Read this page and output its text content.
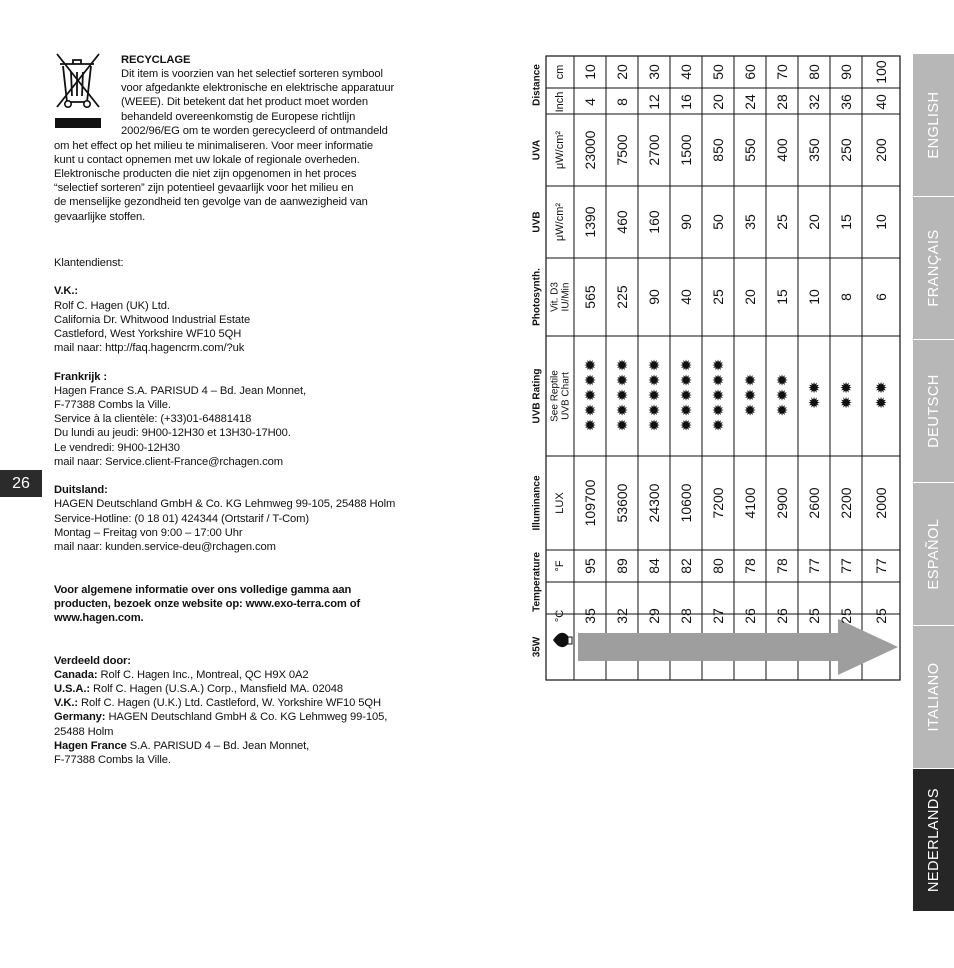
RECYCLAGE
Dit item is voorzien van het selectief sorteren symbool
voor afgedankte elektronische en elektrische apparatuur
(WEEE). Dit betekent dat het product moet worden
behandeld overeenkomstig de Europese richtlijn
2002/96/EG om te worden gerecycleerd of ontmandeld
om het effect op het milieu te minimaliseren. Voor meer informatie
kunt u contact opnemen met uw lokale of regionale overheden.
Elektronische producten die niet zijn opgenomen in het proces
“selectief sorteren” zijn potentieel gevaarlijk voor het milieu en
de menselijke gezondheid ten gevolge van de aanwezigheid van
gevaarlijke stoffen.
Klantendienst:
V.K.:
Rolf C. Hagen (UK) Ltd.
California Dr. Whitwood Industrial Estate
Castleford, West Yorkshire WF10 5QH
mail naar: http://faq.hagencrm.com/?uk
Frankrijk :
Hagen France S.A. PARISUD 4 – Bd. Jean Monnet,
F-77388 Combs la Ville.
Service à la clientèle: (+33)01-64881418
Du lundi au jeudi: 9H00-12H30 et 13H30-17H00.
Le vendredi: 9H00-12H30
mail naar: Service.client-France@rchagen.com
Duitsland:
HAGEN Deutschland GmbH & Co. KG Lehmweg 99-105, 25488 Holm
Service-Hotline: (0 18 01) 424344 (Ortstarif / T-Com)
Montag – Freitag von 9:00 – 17:00 Uhr
mail naar: kunden.service-deu@rchagen.com
Voor algemene informatie over ons volledige gamma aan
producten, bezoek onze website op: www.exo-terra.com of
www.hagen.com.
Verdeeld door:
Canada: Rolf C. Hagen Inc., Montreal, QC H9X 0A2
U.S.A.: Rolf C. Hagen (U.S.A.) Corp., Mansfield MA. 02048
V.K.: Rolf C. Hagen (U.K.) Ltd. Castleford, W. Yorkshire WF10 5QH
Germany: HAGEN Deutschland GmbH & Co. KG Lehmweg 99-105,
25488 Holm
Hagen France S.A. PARISUD 4 – Bd. Jean Monnet,
F-77388 Combs la Ville.
26
Distance
UVA
UVB
Photosynth.
UVB Rating
Illuminance
Temperature
35W
Inch
cm
μW/cm²
μW/cm²
Vit. D3 IU/Min
See Reptile UVB Chart
LUX
°C
°F
4
10
23000
1390
565
109700
35
95
✹
✹
✹
✹
✹
8
20
7500
460
225
53600
32
89
✹
✹
✹
✹
✹
12
30
2700
160
90
24300
29
84
✹
✹
✹
✹
✹
16
40
1500
90
40
10600
28
82
✹
✹
✹
✹
✹
20
50
850
50
25
7200
27
80
✹
✹
✹
✹
✹
24
60
550
35
20
4100
26
78
✹
✹
✹
28
70
400
25
15
2900
26
78
✹
✹
✹
32
80
350
20
10
2600
25
77
✹
✹
36
90
250
15
8
2200
25
77
✹
✹
40
100
200
10
6
2000
25
77
✹
✹
ENGLISH
FRANÇAIS
DEUTSCH
ESPAÑOL
ITALIANO
NEDERLANDS
